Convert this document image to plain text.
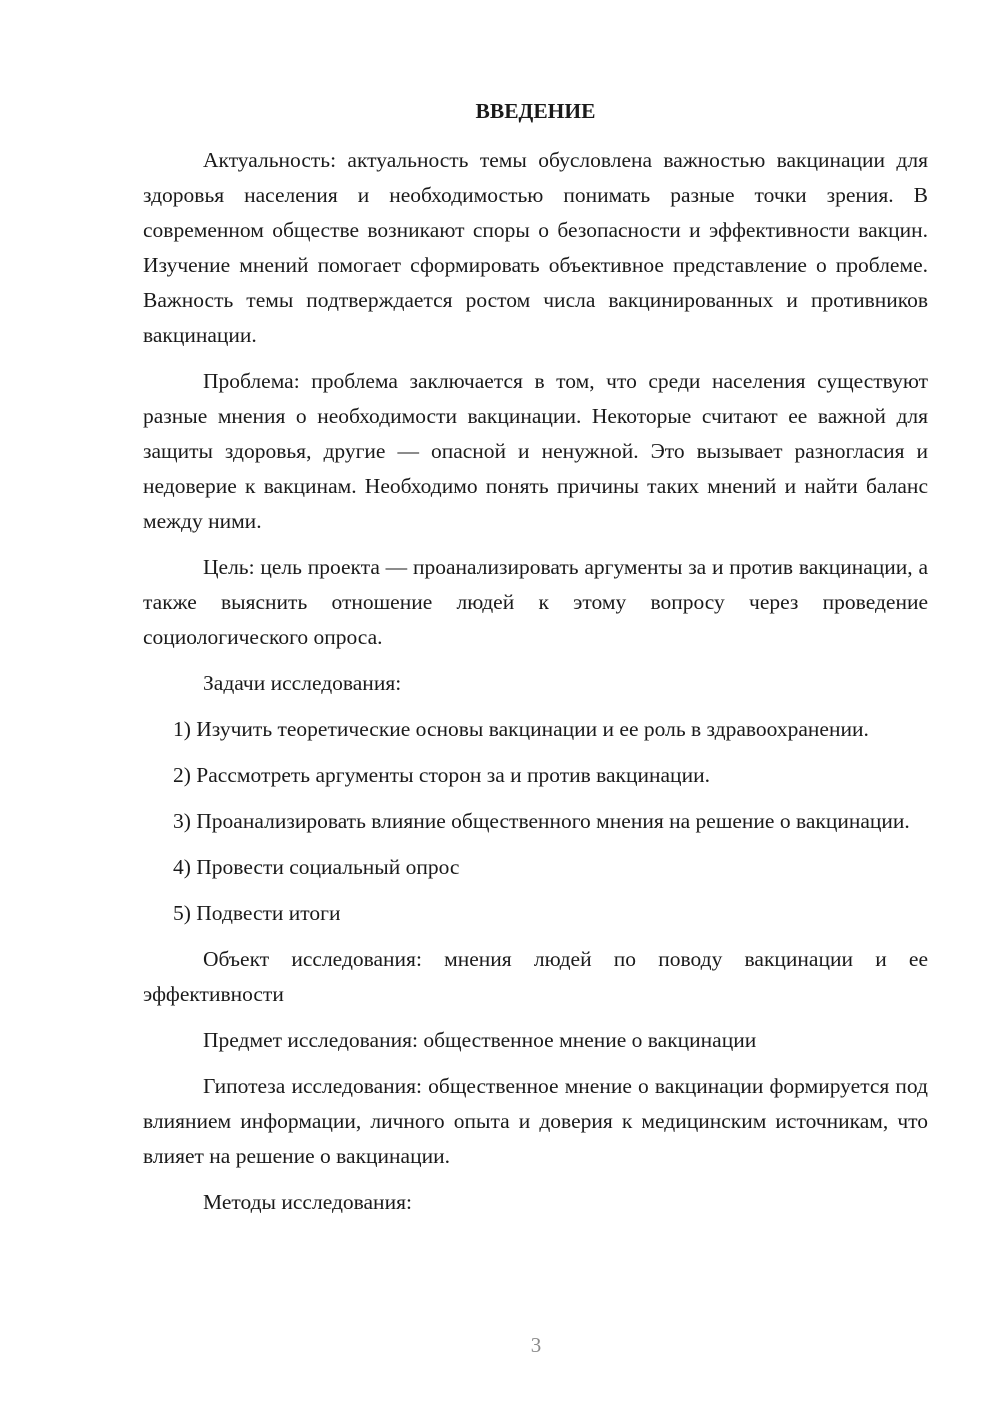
ВВЕДЕНИЕ

Актуальность: актуальность темы обусловлена важностью вакцинации для здоровья населения и необходимостью понимать разные точки зрения. В современном обществе возникают споры о безопасности и эффективности вакцин. Изучение мнений помогает сформировать объективное представление о проблеме. Важность темы подтверждается ростом числа вакцинированных и противников вакцинации.

Проблема: проблема заключается в том, что среди населения существуют разные мнения о необходимости вакцинации. Некоторые считают ее важной для защиты здоровья, другие — опасной и ненужной. Это вызывает разногласия и недоверие к вакцинам. Необходимо понять причины таких мнений и найти баланс между ними.

Цель: цель проекта — проанализировать аргументы за и против вакцинации, а также выяснить отношение людей к этому вопросу через проведение социологического опроса.

Задачи исследования:

1) Изучить теоретические основы вакцинации и ее роль в здравоохранении.

2) Рассмотреть аргументы сторон за и против вакцинации.

3) Проанализировать влияние общественного мнения на решение о вакцинации.

4) Провести социальный опрос

5) Подвести итоги

Объект исследования: мнения людей по поводу вакцинации и ее эффективности

Предмет исследования: общественное мнение о вакцинации

Гипотеза исследования: общественное мнение о вакцинации формируется под влиянием информации, личного опыта и доверия к медицинским источникам, что влияет на решение о вакцинации.

Методы исследования:

3
